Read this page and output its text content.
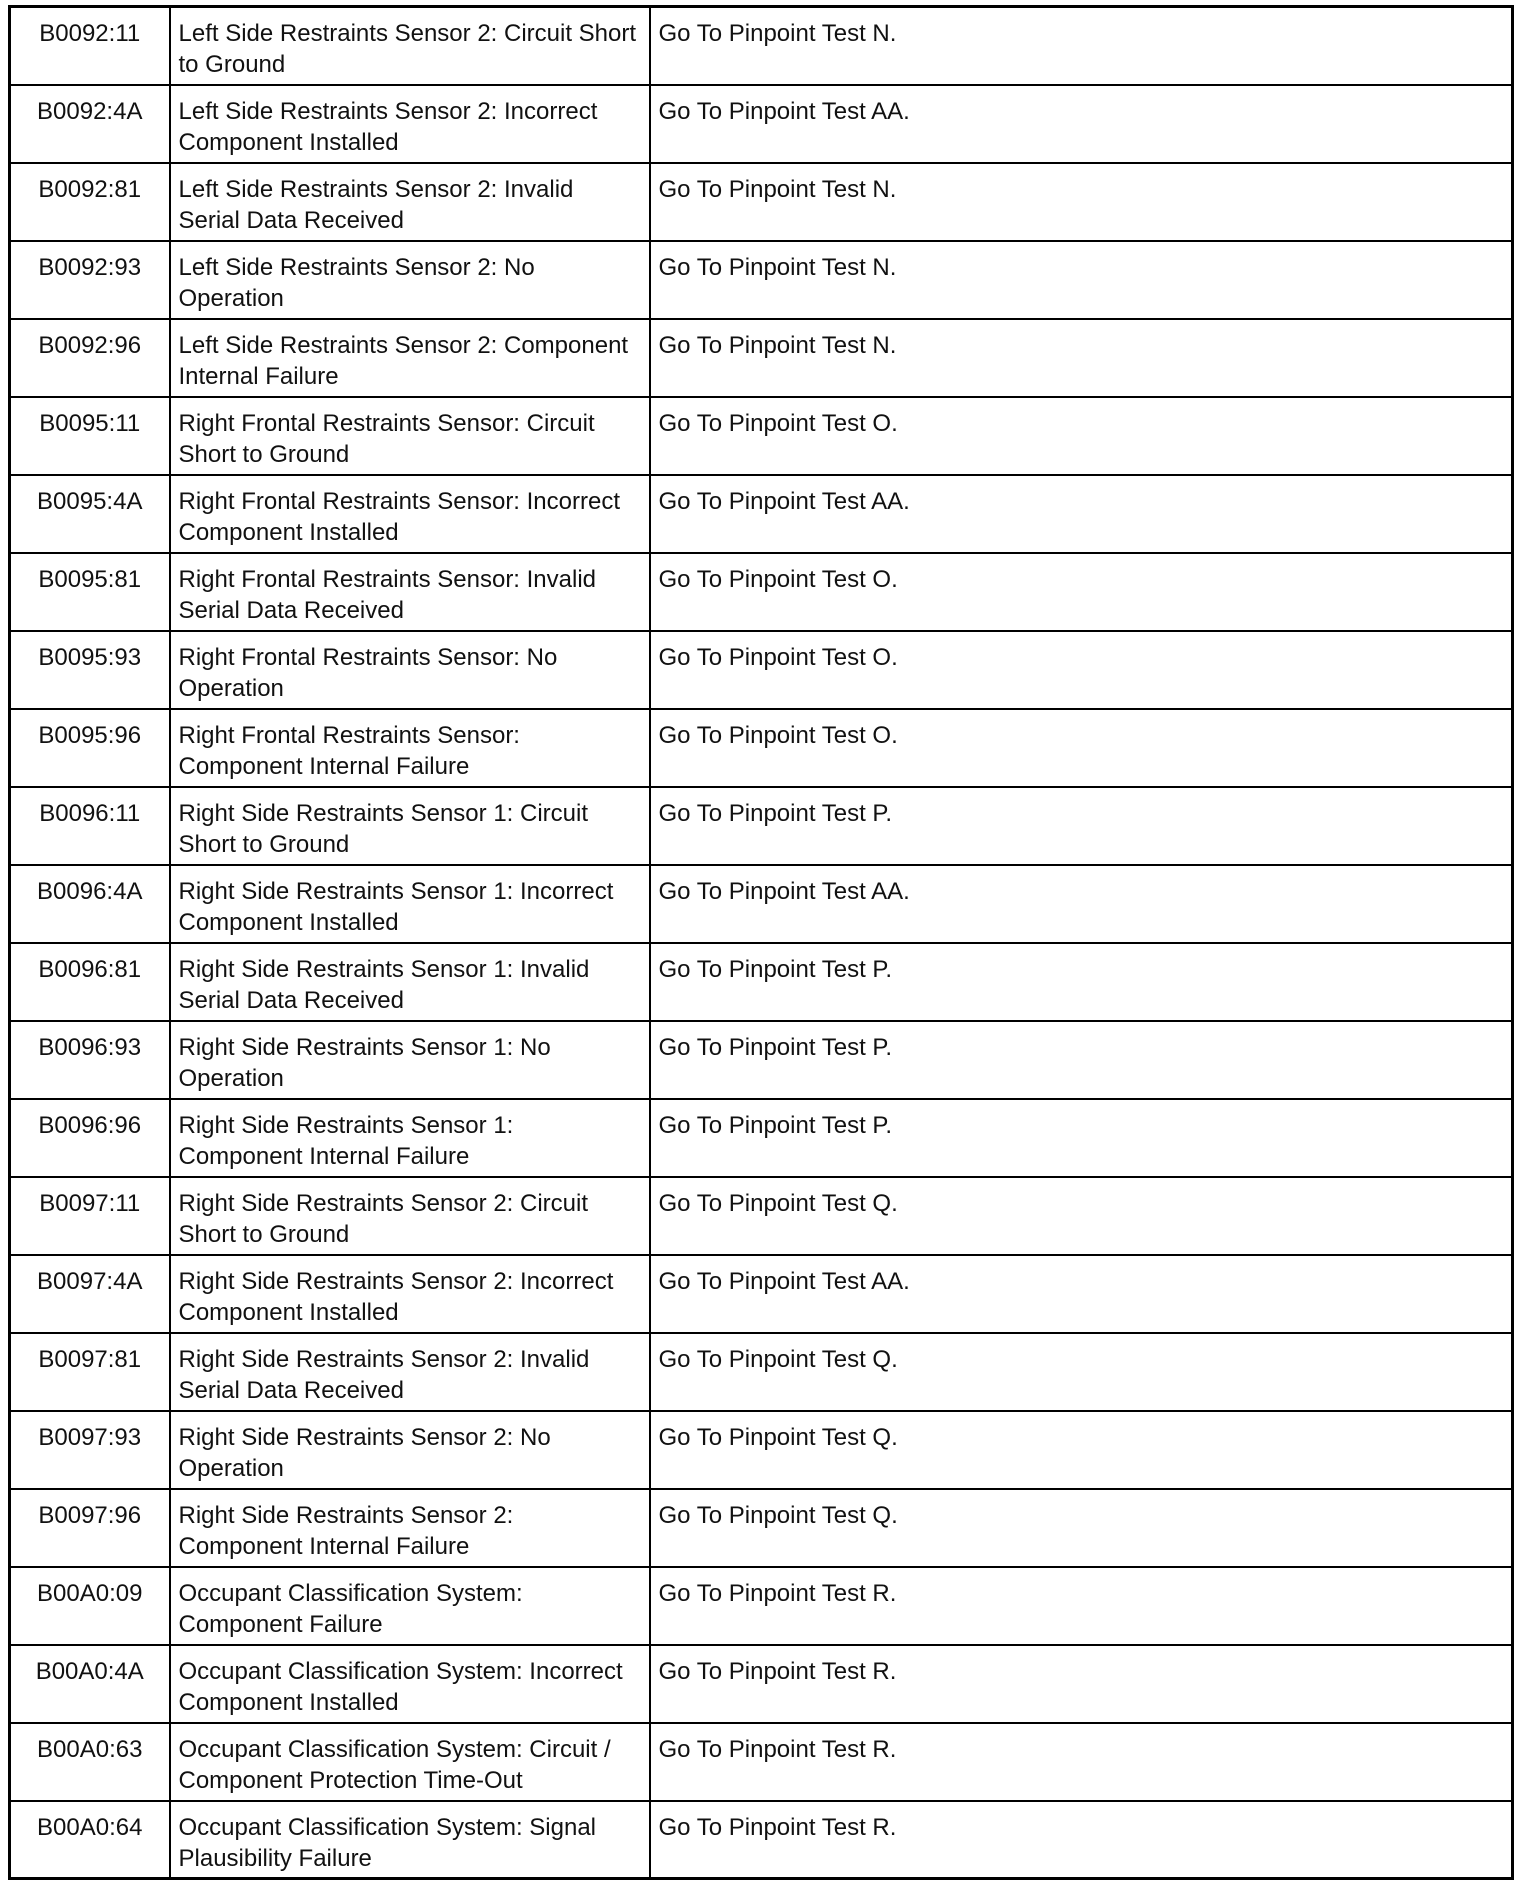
B0092:11	Left Side Restraints Sensor 2: Circuit Short to Ground	Go To Pinpoint Test N.
B0092:4A	Left Side Restraints Sensor 2: Incorrect Component Installed	Go To Pinpoint Test AA.
B0092:81	Left Side Restraints Sensor 2: Invalid Serial Data Received	Go To Pinpoint Test N.
B0092:93	Left Side Restraints Sensor 2: No Operation	Go To Pinpoint Test N.
B0092:96	Left Side Restraints Sensor 2: Component Internal Failure	Go To Pinpoint Test N.
B0095:11	Right Frontal Restraints Sensor: Circuit Short to Ground	Go To Pinpoint Test O.
B0095:4A	Right Frontal Restraints Sensor: Incorrect Component Installed	Go To Pinpoint Test AA.
B0095:81	Right Frontal Restraints Sensor: Invalid Serial Data Received	Go To Pinpoint Test O.
B0095:93	Right Frontal Restraints Sensor: No Operation	Go To Pinpoint Test O.
B0095:96	Right Frontal Restraints Sensor: Component Internal Failure	Go To Pinpoint Test O.
B0096:11	Right Side Restraints Sensor 1: Circuit Short to Ground	Go To Pinpoint Test P.
B0096:4A	Right Side Restraints Sensor 1: Incorrect Component Installed	Go To Pinpoint Test AA.
B0096:81	Right Side Restraints Sensor 1: Invalid Serial Data Received	Go To Pinpoint Test P.
B0096:93	Right Side Restraints Sensor 1: No Operation	Go To Pinpoint Test P.
B0096:96	Right Side Restraints Sensor 1: Component Internal Failure	Go To Pinpoint Test P.
B0097:11	Right Side Restraints Sensor 2: Circuit Short to Ground	Go To Pinpoint Test Q.
B0097:4A	Right Side Restraints Sensor 2: Incorrect Component Installed	Go To Pinpoint Test AA.
B0097:81	Right Side Restraints Sensor 2: Invalid Serial Data Received	Go To Pinpoint Test Q.
B0097:93	Right Side Restraints Sensor 2: No Operation	Go To Pinpoint Test Q.
B0097:96	Right Side Restraints Sensor 2: Component Internal Failure	Go To Pinpoint Test Q.
B00A0:09	Occupant Classification System: Component Failure	Go To Pinpoint Test R.
B00A0:4A	Occupant Classification System: Incorrect Component Installed	Go To Pinpoint Test R.
B00A0:63	Occupant Classification System: Circuit / Component Protection Time-Out	Go To Pinpoint Test R.
B00A0:64	Occupant Classification System: Signal Plausibility Failure	Go To Pinpoint Test R.
